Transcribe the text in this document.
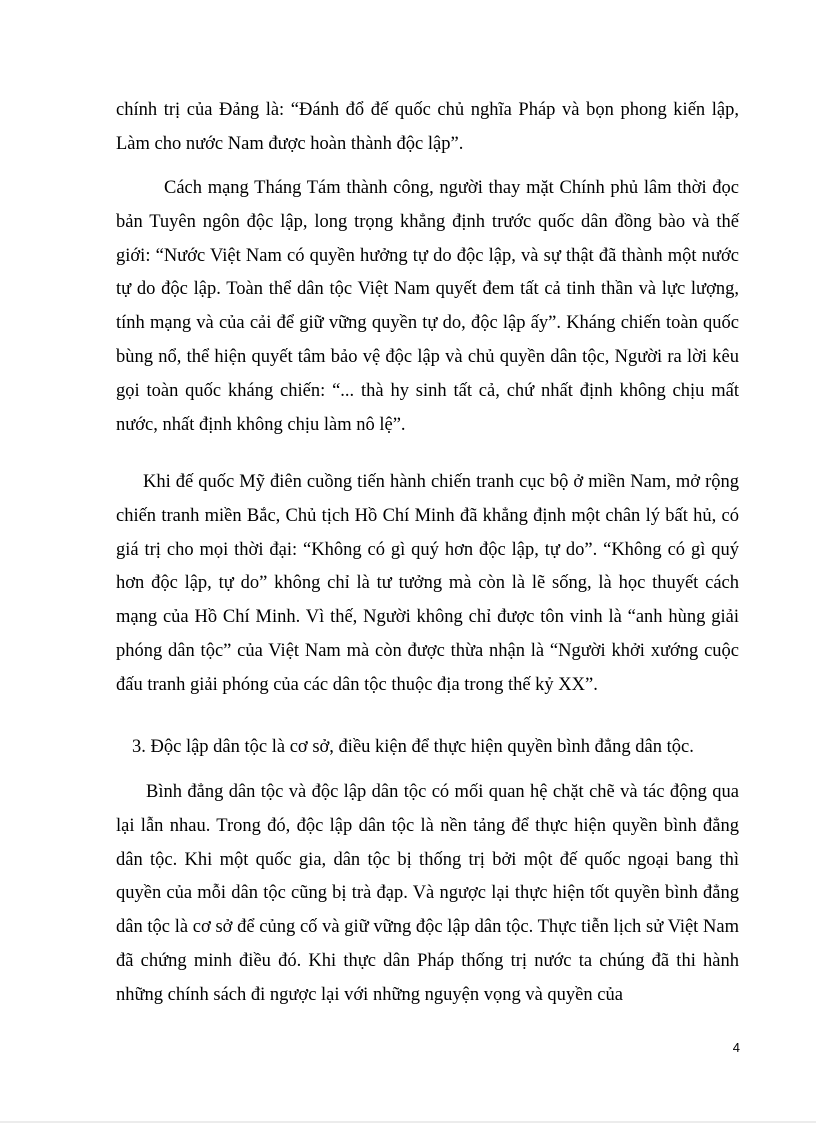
chính trị của Đảng là: “Đánh đổ đế quốc chủ nghĩa Pháp và bọn phong kiến lập, Làm cho nước Nam được hoàn thành độc lập”.

Cách mạng Tháng Tám thành công, người thay mặt Chính phủ lâm thời đọc bản Tuyên ngôn độc lập, long trọng khẳng định trước quốc dân đồng bào và thế giới: “Nước Việt Nam có quyền hưởng tự do độc lập, và sự thật đã thành một nước tự do độc lập. Toàn thể dân tộc Việt Nam quyết đem tất cả tinh thần và lực lượng, tính mạng và của cải để giữ vững quyền tự do, độc lập ấy”. Kháng chiến toàn quốc bùng nổ, thể hiện quyết tâm bảo vệ độc lập và chủ quyền dân tộc, Người ra lời kêu gọi toàn quốc kháng chiến: “... thà hy sinh tất cả, chứ nhất định không chịu mất nước, nhất định không chịu làm nô lệ”.

Khi đế quốc Mỹ điên cuồng tiến hành chiến tranh cục bộ ở miền Nam, mở rộng chiến tranh miền Bắc, Chủ tịch Hồ Chí Minh đã khẳng định một chân lý bất hủ, có giá trị cho mọi thời đại: “Không có gì quý hơn độc lập, tự do”. “Không có gì quý hơn độc lập, tự do” không chỉ là tư tưởng mà còn là lẽ sống, là học thuyết cách mạng của Hồ Chí Minh. Vì thế, Người không chỉ được tôn vinh là “anh hùng giải phóng dân tộc” của Việt Nam mà còn được thừa nhận là “Người khởi xướng cuộc đấu tranh giải phóng của các dân tộc thuộc địa trong thế kỷ XX”.

3. Độc lập dân tộc là cơ sở, điều kiện để thực hiện quyền bình đẳng dân tộc.

Bình đẳng dân tộc và độc lập dân tộc có mối quan hệ chặt chẽ và tác động qua lại lẫn nhau. Trong đó, độc lập dân tộc là nền tảng để thực hiện quyền bình đẳng dân tộc. Khi một quốc gia, dân tộc bị thống trị bởi một đế quốc ngoại bang thì quyền của mỗi dân tộc cũng bị trà đạp. Và ngược lại thực hiện tốt quyền bình đẳng dân tộc là cơ sở để củng cố và giữ vững độc lập dân tộc. Thực tiễn lịch sử Việt Nam đã chứng minh điều đó. Khi thực dân Pháp thống trị nước ta chúng đã thi hành những chính sách đi ngược lại với những nguyện vọng và quyền của

4
